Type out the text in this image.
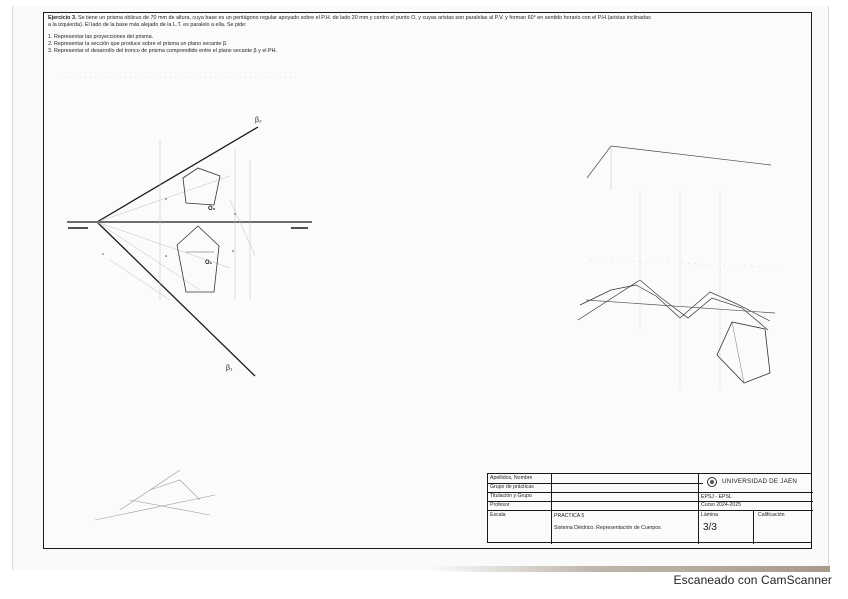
Ejercicio 3. Se tiene un prisma oblicuo de 70 mm de altura, cuya base es un pentágono regular apoyado sobre el P.H. de lado 20 mm y centro el punto O, y cuyas aristas son paralelas al P.V. y forman 60° en sentido horario con el P.H.(aristas inclinadas

a la izquierda). El lado de la base más alejado de la L.T. es paralelo a ella. Se pide:

1. Representar las proyecciones del prisma.

2. Representar la sección que produce sobre el prisma un plano secante β.

3. Representar el desarrollo del tronco de prisma comprendido entre el plano secante β y el PH.

β₂
β₁
O₂
O₁
Apellidos, Nombre
Grupo de prácticas
Titulación y Grupo
Profesor
Escala
UNIVERSIDAD DE JAÉN
EPSJ - EPSL
Curso 2024-2025
PRÁCTICA 5
Sistema Diédrico. Representación de Cuerpos
Lámina
3/3
Calificación
Escaneado con CamScanner
